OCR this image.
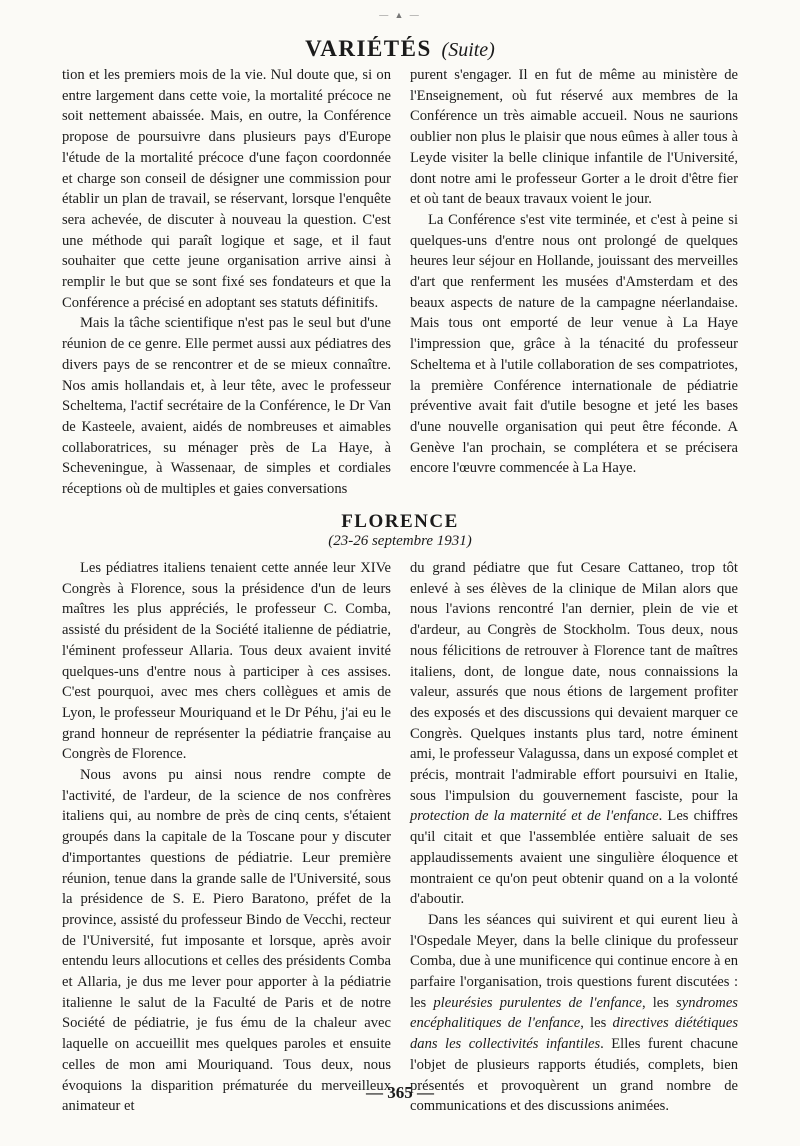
— ▲ —
VARIÉTÉS (Suite)

tion et les premiers mois de la vie. Nul doute que, si on entre largement dans cette voie, la mortalité précoce ne soit nettement abaissée. Mais, en outre, la Conférence propose de poursuivre dans plusieurs pays d'Europe l'étude de la mortalité précoce d'une façon coordonnée et charge son conseil de désigner une commission pour établir un plan de travail, se réservant, lorsque l'enquête sera achevée, de discuter à nouveau la question. C'est une méthode qui paraît logique et sage, et il faut souhaiter que cette jeune organisation arrive ainsi à remplir le but que se sont fixé ses fondateurs et que la Conférence a précisé en adoptant ses statuts définitifs.

Mais la tâche scientifique n'est pas le seul but d'une réunion de ce genre. Elle permet aussi aux pédiatres des divers pays de se rencontrer et de se mieux connaître. Nos amis hollandais et, à leur tête, avec le professeur Scheltema, l'actif secrétaire de la Conférence, le Dr Van de Kasteele, avaient, aidés de nombreuses et aimables collaboratrices, su ménager près de La Haye, à Scheveningue, à Wassenaar, de simples et cordiales réceptions où de multiples et gaies conversations

purent s'engager. Il en fut de même au ministère de l'Enseignement, où fut réservé aux membres de la Conférence un très aimable accueil. Nous ne saurions oublier non plus le plaisir que nous eûmes à aller tous à Leyde visiter la belle clinique infantile de l'Université, dont notre ami le professeur Gorter a le droit d'être fier et où tant de beaux travaux voient le jour.

La Conférence s'est vite terminée, et c'est à peine si quelques-uns d'entre nous ont prolongé de quelques heures leur séjour en Hollande, jouissant des merveilles d'art que renferment les musées d'Amsterdam et des beaux aspects de nature de la campagne néerlandaise. Mais tous ont emporté de leur venue à La Haye l'impression que, grâce à la ténacité du professeur Scheltema et à l'utile collaboration de ses compatriotes, la première Conférence internationale de pédiatrie préventive avait fait d'utile besogne et jeté les bases d'une nouvelle organisation qui peut être féconde. A Genève l'an prochain, se complétera et se précisera encore l'œuvre commencée à La Haye.

FLORENCE
(23-26 septembre 1931)

Les pédiatres italiens tenaient cette année leur XIVe Congrès à Florence, sous la présidence d'un de leurs maîtres les plus appréciés, le professeur C. Comba, assisté du président de la Société italienne de pédiatrie, l'éminent professeur Allaria. Tous deux avaient invité quelques-uns d'entre nous à participer à ces assises. C'est pourquoi, avec mes chers collègues et amis de Lyon, le professeur Mouriquand et le Dr Péhu, j'ai eu le grand honneur de représenter la pédiatrie française au Congrès de Florence.

Nous avons pu ainsi nous rendre compte de l'activité, de l'ardeur, de la science de nos confrères italiens qui, au nombre de près de cinq cents, s'étaient groupés dans la capitale de la Toscane pour y discuter d'importantes questions de pédiatrie. Leur première réunion, tenue dans la grande salle de l'Université, sous la présidence de S. E. Piero Baratono, préfet de la province, assisté du professeur Bindo de Vecchi, recteur de l'Université, fut imposante et lorsque, après avoir entendu leurs allocutions et celles des présidents Comba et Allaria, je dus me lever pour apporter à la pédiatrie italienne le salut de la Faculté de Paris et de notre Société de pédiatrie, je fus ému de la chaleur avec laquelle on accueillit mes quelques paroles et ensuite celles de mon ami Mouriquand. Tous deux, nous évoquions la disparition prématurée du merveilleux animateur et

du grand pédiatre que fut Cesare Cattaneo, trop tôt enlevé à ses élèves de la clinique de Milan alors que nous l'avions rencontré l'an dernier, plein de vie et d'ardeur, au Congrès de Stockholm. Tous deux, nous nous félicitions de retrouver à Florence tant de maîtres italiens, dont, de longue date, nous connaissions la valeur, assurés que nous étions de largement profiter des exposés et des discussions qui devaient marquer ce Congrès. Quelques instants plus tard, notre éminent ami, le professeur Valagussa, dans un exposé complet et précis, montrait l'admirable effort poursuivi en Italie, sous l'impulsion du gouvernement fasciste, pour la protection de la maternité et de l'enfance. Les chiffres qu'il citait et que l'assemblée entière saluait de ses applaudissements avaient une singulière éloquence et montraient ce qu'on peut obtenir quand on a la volonté d'aboutir.

Dans les séances qui suivirent et qui eurent lieu à l'Ospedale Meyer, dans la belle clinique du professeur Comba, due à une munificence qui continue encore à en parfaire l'organisation, trois questions furent discutées : les pleurésies purulentes de l'enfance, les syndromes encéphalitiques de l'enfance, les directives diététiques dans les collectivités infantiles. Elles furent chacune l'objet de plusieurs rapports étudiés, complets, bien présentés et provoquèrent un grand nombre de communications et des discussions animées.

— 365 —
